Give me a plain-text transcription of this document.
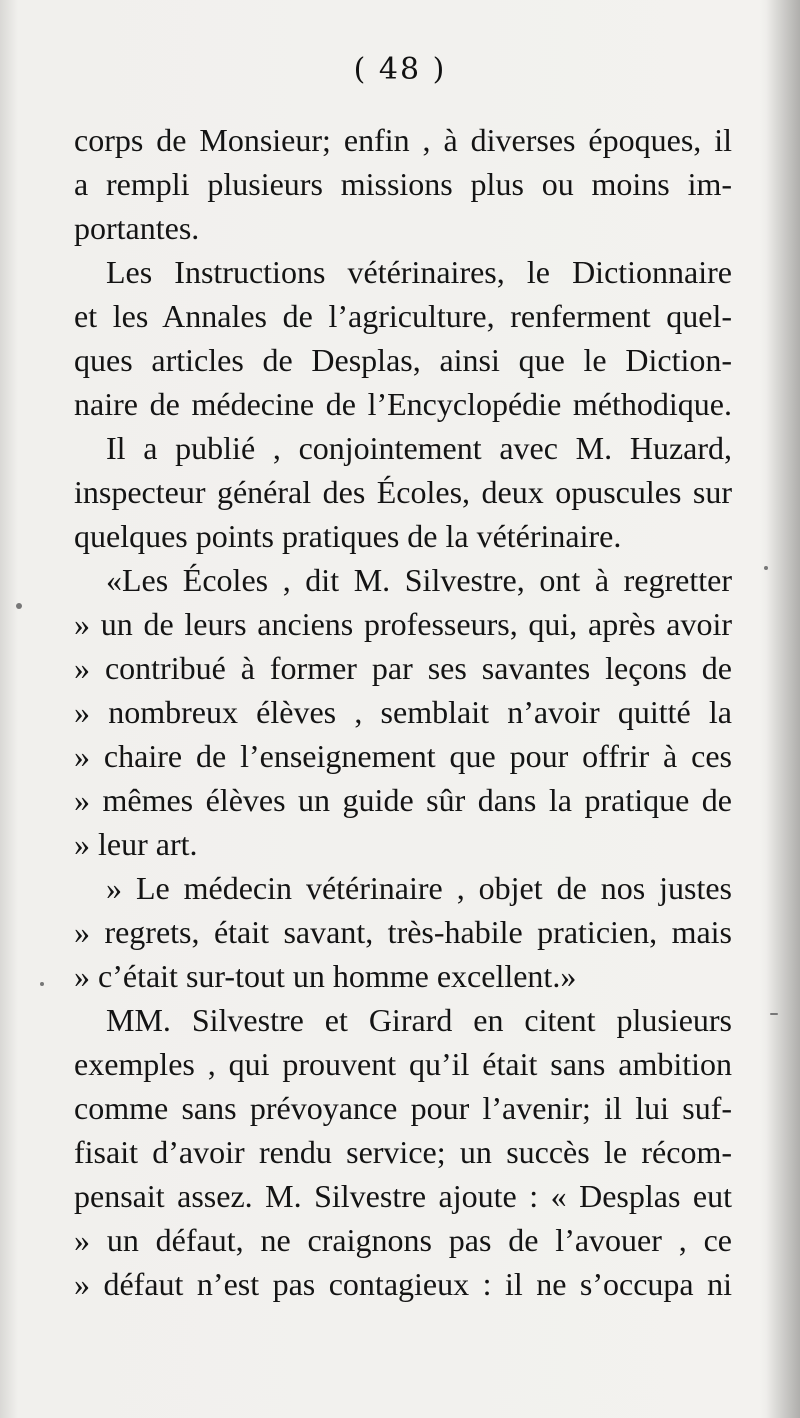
( 48 )
corps de Monsieur; enfin , à diverses époques, il
a rempli plusieurs missions plus ou moins im-
portantes.
Les Instructions vétérinaires, le Dictionnaire
et les Annales de l’agriculture, renferment quel-
ques articles de Desplas, ainsi que le Diction-
naire de médecine de l’Encyclopédie méthodique.
Il a publié , conjointement avec M. Huzard,
inspecteur général des Écoles, deux opuscules sur
quelques points pratiques de la vétérinaire.
«Les Écoles , dit M. Silvestre, ont à regretter
» un de leurs anciens professeurs, qui, après avoir
» contribué à former par ses savantes leçons de
» nombreux élèves , semblait n’avoir quitté la
» chaire de l’enseignement que pour offrir à ces
» mêmes élèves un guide sûr dans la pratique de
» leur art.
» Le médecin vétérinaire , objet de nos justes
» regrets, était savant, très-habile praticien, mais
» c’était sur-tout un homme excellent.»
MM. Silvestre et Girard en citent plusieurs
exemples , qui prouvent qu’il était sans ambition
comme sans prévoyance pour l’avenir; il lui suf-
fisait d’avoir rendu service; un succès le récom-
pensait assez. M. Silvestre ajoute : « Desplas eut
» un défaut, ne craignons pas de l’avouer , ce
» défaut n’est pas contagieux : il ne s’occupa ni
